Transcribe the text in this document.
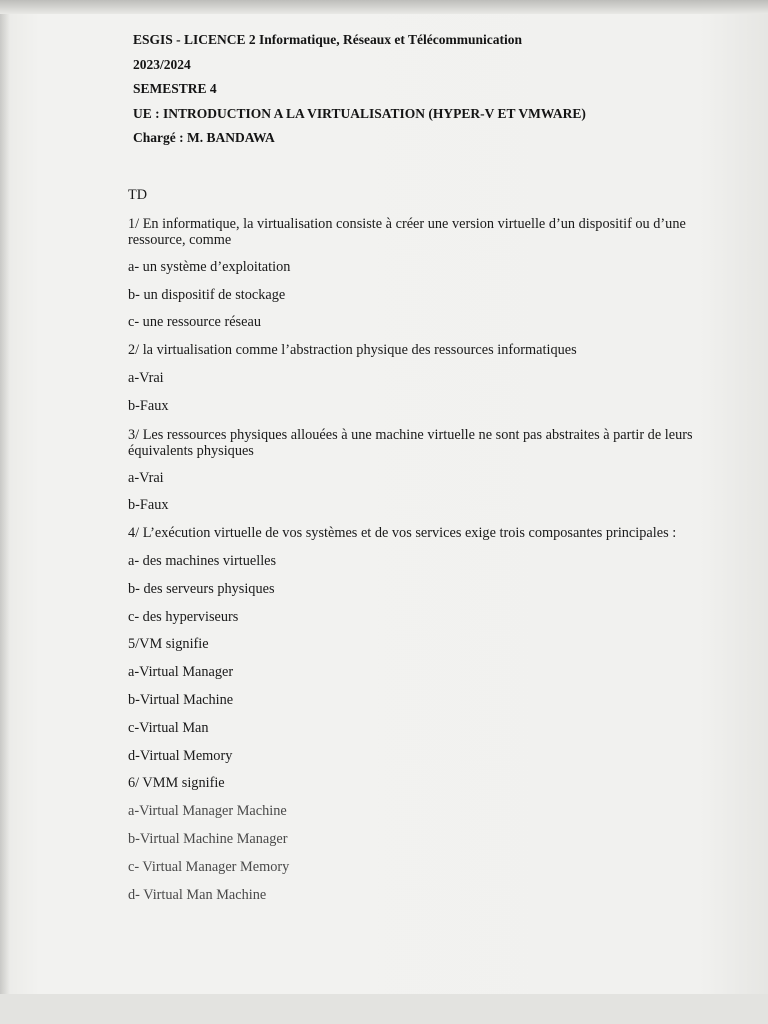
ESGIS - LICENCE 2 Informatique, Réseaux et Télécommunication
2023/2024
SEMESTRE 4
UE : INTRODUCTION A LA VIRTUALISATION (HYPER-V ET VMWARE)
Chargé : M. BANDAWA
TD
1/ En informatique, la virtualisation consiste à créer une version virtuelle d’un dispositif ou d’une ressource, comme
a- un système d’exploitation
b- un dispositif de stockage
c- une ressource réseau
2/ la virtualisation comme l’abstraction physique des ressources informatiques
a-Vrai
b-Faux
3/ Les ressources physiques allouées à une machine virtuelle ne sont pas abstraites à partir de leurs équivalents physiques
a-Vrai
b-Faux
4/ L’exécution virtuelle de vos systèmes et de vos services exige trois composantes principales :
a- des machines virtuelles
b- des serveurs physiques
c- des hyperviseurs
5/VM signifie
a-Virtual Manager
b-Virtual Machine
c-Virtual Man
d-Virtual Memory
6/ VMM signifie
a-Virtual Manager Machine
b-Virtual Machine Manager
c- Virtual Manager Memory
d- Virtual Man Machine
